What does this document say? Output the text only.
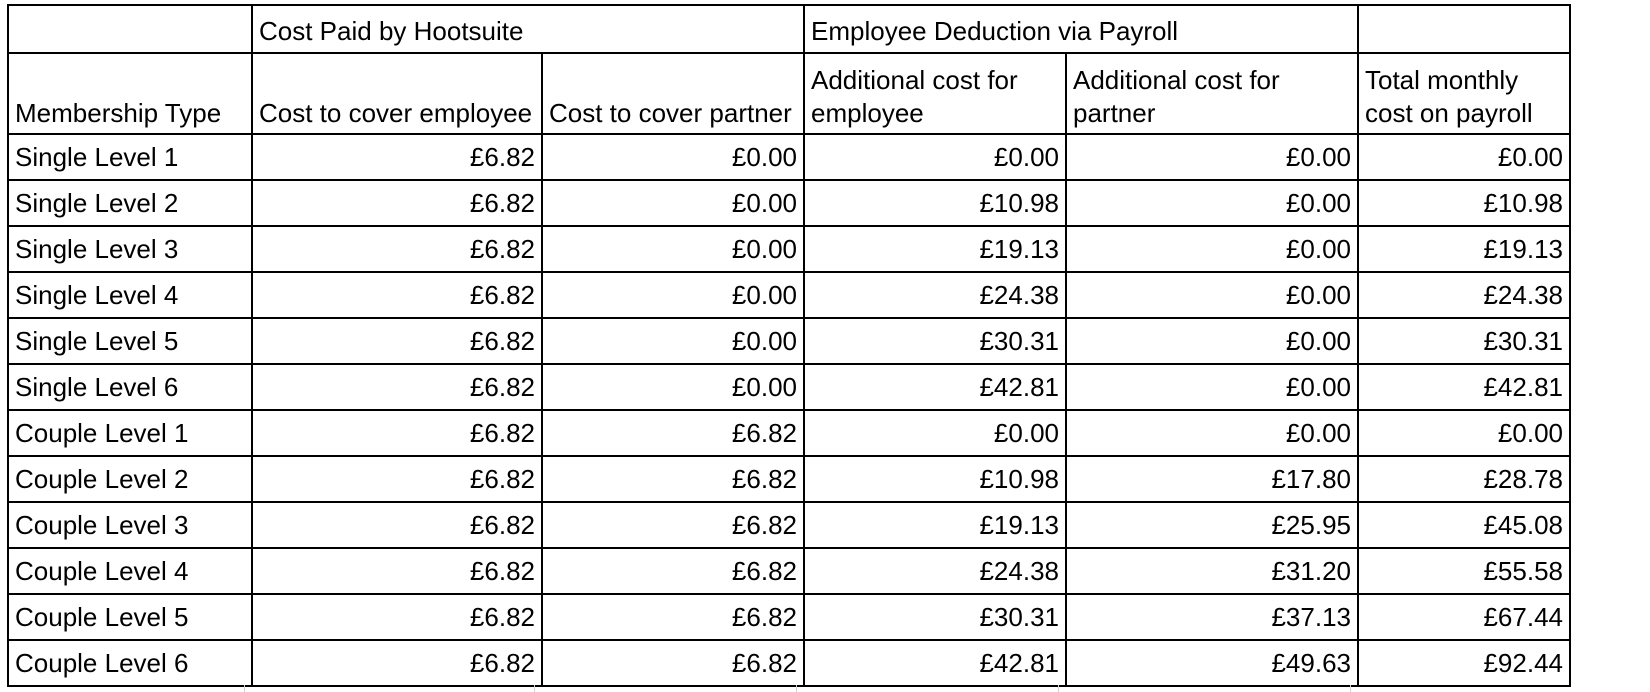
	Cost Paid by Hootsuite		Employee Deduction via Payroll		
Membership Type	Cost to cover employee	Cost to cover partner	Additional cost for employee	Additional cost for partner	Total monthly cost on payroll
Single Level 1	£6.82	£0.00	£0.00	£0.00	£0.00
Single Level 2	£6.82	£0.00	£10.98	£0.00	£10.98
Single Level 3	£6.82	£0.00	£19.13	£0.00	£19.13
Single Level 4	£6.82	£0.00	£24.38	£0.00	£24.38
Single Level 5	£6.82	£0.00	£30.31	£0.00	£30.31
Single Level 6	£6.82	£0.00	£42.81	£0.00	£42.81
Couple Level 1	£6.82	£6.82	£0.00	£0.00	£0.00
Couple Level 2	£6.82	£6.82	£10.98	£17.80	£28.78
Couple Level 3	£6.82	£6.82	£19.13	£25.95	£45.08
Couple Level 4	£6.82	£6.82	£24.38	£31.20	£55.58
Couple Level 5	£6.82	£6.82	£30.31	£37.13	£67.44
Couple Level 6	£6.82	£6.82	£42.81	£49.63	£92.44
